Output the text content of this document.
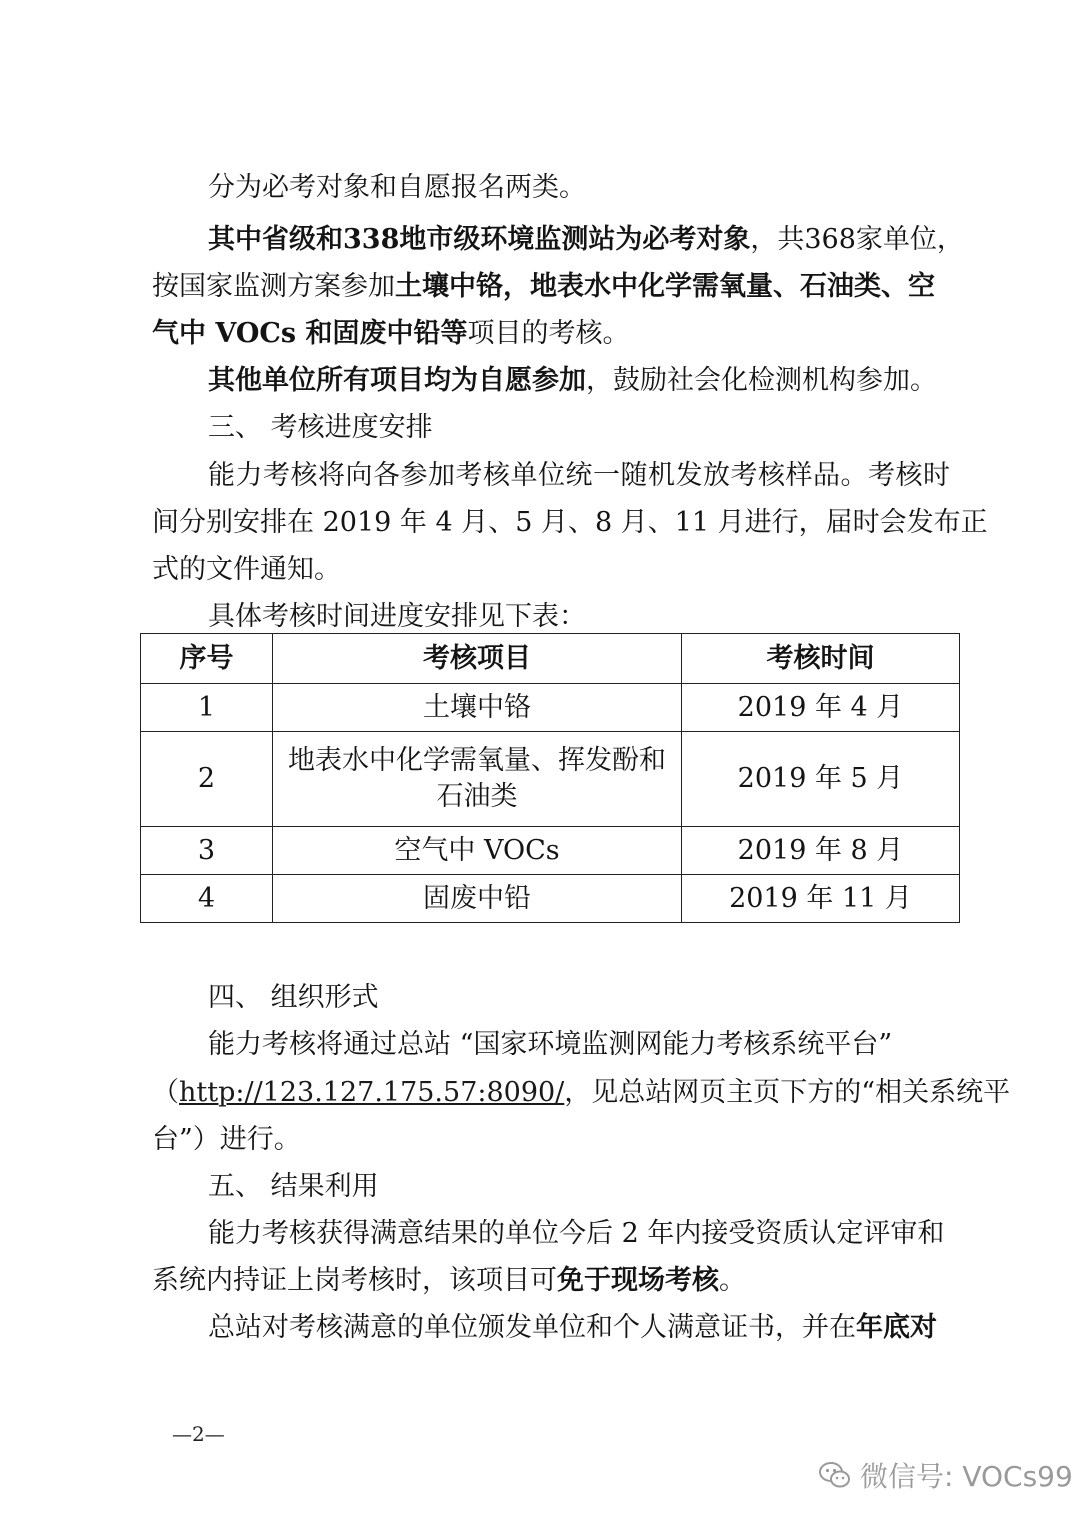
分为必考对象和自愿报名两类。
其中省级和338地市级环境监测站为必考对象，共368家单位，
按国家监测方案参加土壤中铬，地表水中化学需氧量、石油类、空
气中 VOCs 和固废中铅等项目的考核。
其他单位所有项目均为自愿参加，鼓励社会化检测机构参加。
三、 考核进度安排
能力考核将向各参加考核单位统一随机发放考核样品。考核时
间分别安排在 2019 年 4 月、5 月、8 月、11 月进行，届时会发布正
式的文件通知。
具体考核时间进度安排见下表：
序号	考核项目	考核时间
1	土壤中铬	2019 年 4 月
2	地表水中化学需氧量、挥发酚和
石油类	2019 年 5 月
3	空气中 VOCs	2019 年 8 月
4	固废中铅	2019 年 11 月
四、 组织形式
能力考核将通过总站 “国家环境监测网能力考核系统平台”
（http://123.127.175.57:8090/，见总站网页主页下方的“相关系统平
台”）进行。
五、 结果利用
能力考核获得满意结果的单位今后 2 年内接受资质认定评审和
系统内持证上岗考核时，该项目可免于现场考核。
总站对考核满意的单位颁发单位和个人满意证书，并在年底对
—2—
微信号: VOCs99
